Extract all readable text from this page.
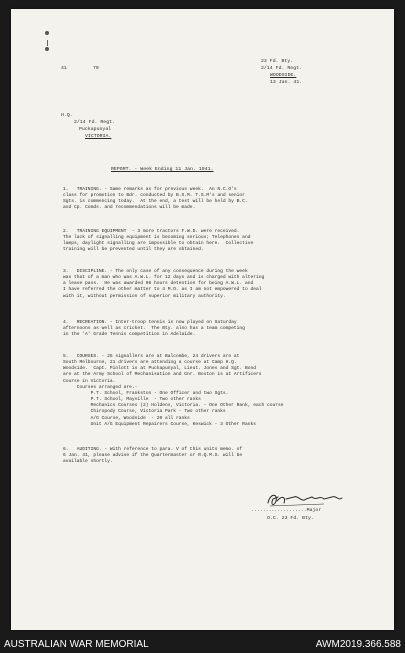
41	79
23 Fd. Bty.
2/14 Fd. Regt.
WOODSIDE.
13 Jan. 41.
H.Q.
2/14 Fd. Regt.
Puckapunyal
VICTORIA.
REPORT. - Week Ending 11 Jan. 1941.
1.   TRAINING. - Same remarks as for previous week.  An N.C.O's
class for promotion to Bdr. conducted by B.S.M. T.S.M's and senior
Sgts. is commencing today.  At the end, a test will be held by B.C.
and Cp. Comds. and recommendations will be made.
2.   TRAINING EQUIPMENT  - 3 more tractors F.W.D. were received.
The lack of signalling equipment is becoming serious; Telephones and
lamps, daylight signalling are impossible to obtain here.  Collective
training will be prevented until they are obtained.
3.   DISCIPLINE. - The only case of any consequence during the week
was that of a man who was A.W.L. for 12 days and is charged with altering
a leave pass.  He was awarded 96 hours detention for being A.W.L. and
I have referred the other matter to 4 M.D. as I am not empowered to deal
with it, without permission of superior military authority.
4.   RECREATION. - Inter-troop tennis is now played on Saturday
afternoons as well as cricket.  The Bty. also has a team competing
in the 'A' Grade Tennis competition in Adelaide.
5.   COURSES. - 25 signallers are at Balcombe, 24 drivers are at
South Melbourne, 21 drivers are attending a course at Camp H.Q.
Woodside.  Capt. Pinlott is at Puckapunyal, Lieut. Jones and Sgt. Bond
are at the Army School of Mechanisation and Gnr. Boston is at Artificers
Course in Victoria.
Courses arranged are.-
P.T. School, Frankston - One Officer and two Sgts.
P.T. School, Mayville  - Two other ranks
Mechanics Courses (2) Holdens, Victoria. - One Other Rank, each course
Chiropody Course, Victoria Park - Two other ranks
A/G Course, Woodside  - 20 all ranks
Unit A/G Equipment Repairers Course, Keswick - 3 Other Ranks
6.   AUDITING. - With reference to para. V of this units memo. of
6 Jan. 41, please advise if the Quartermaster or R.Q.M.S. will be
available shortly.
...................Major
O.C. 23 Fd. Bty.
AUSTRALIAN WAR MEMORIAL	AWM2019.366.588
